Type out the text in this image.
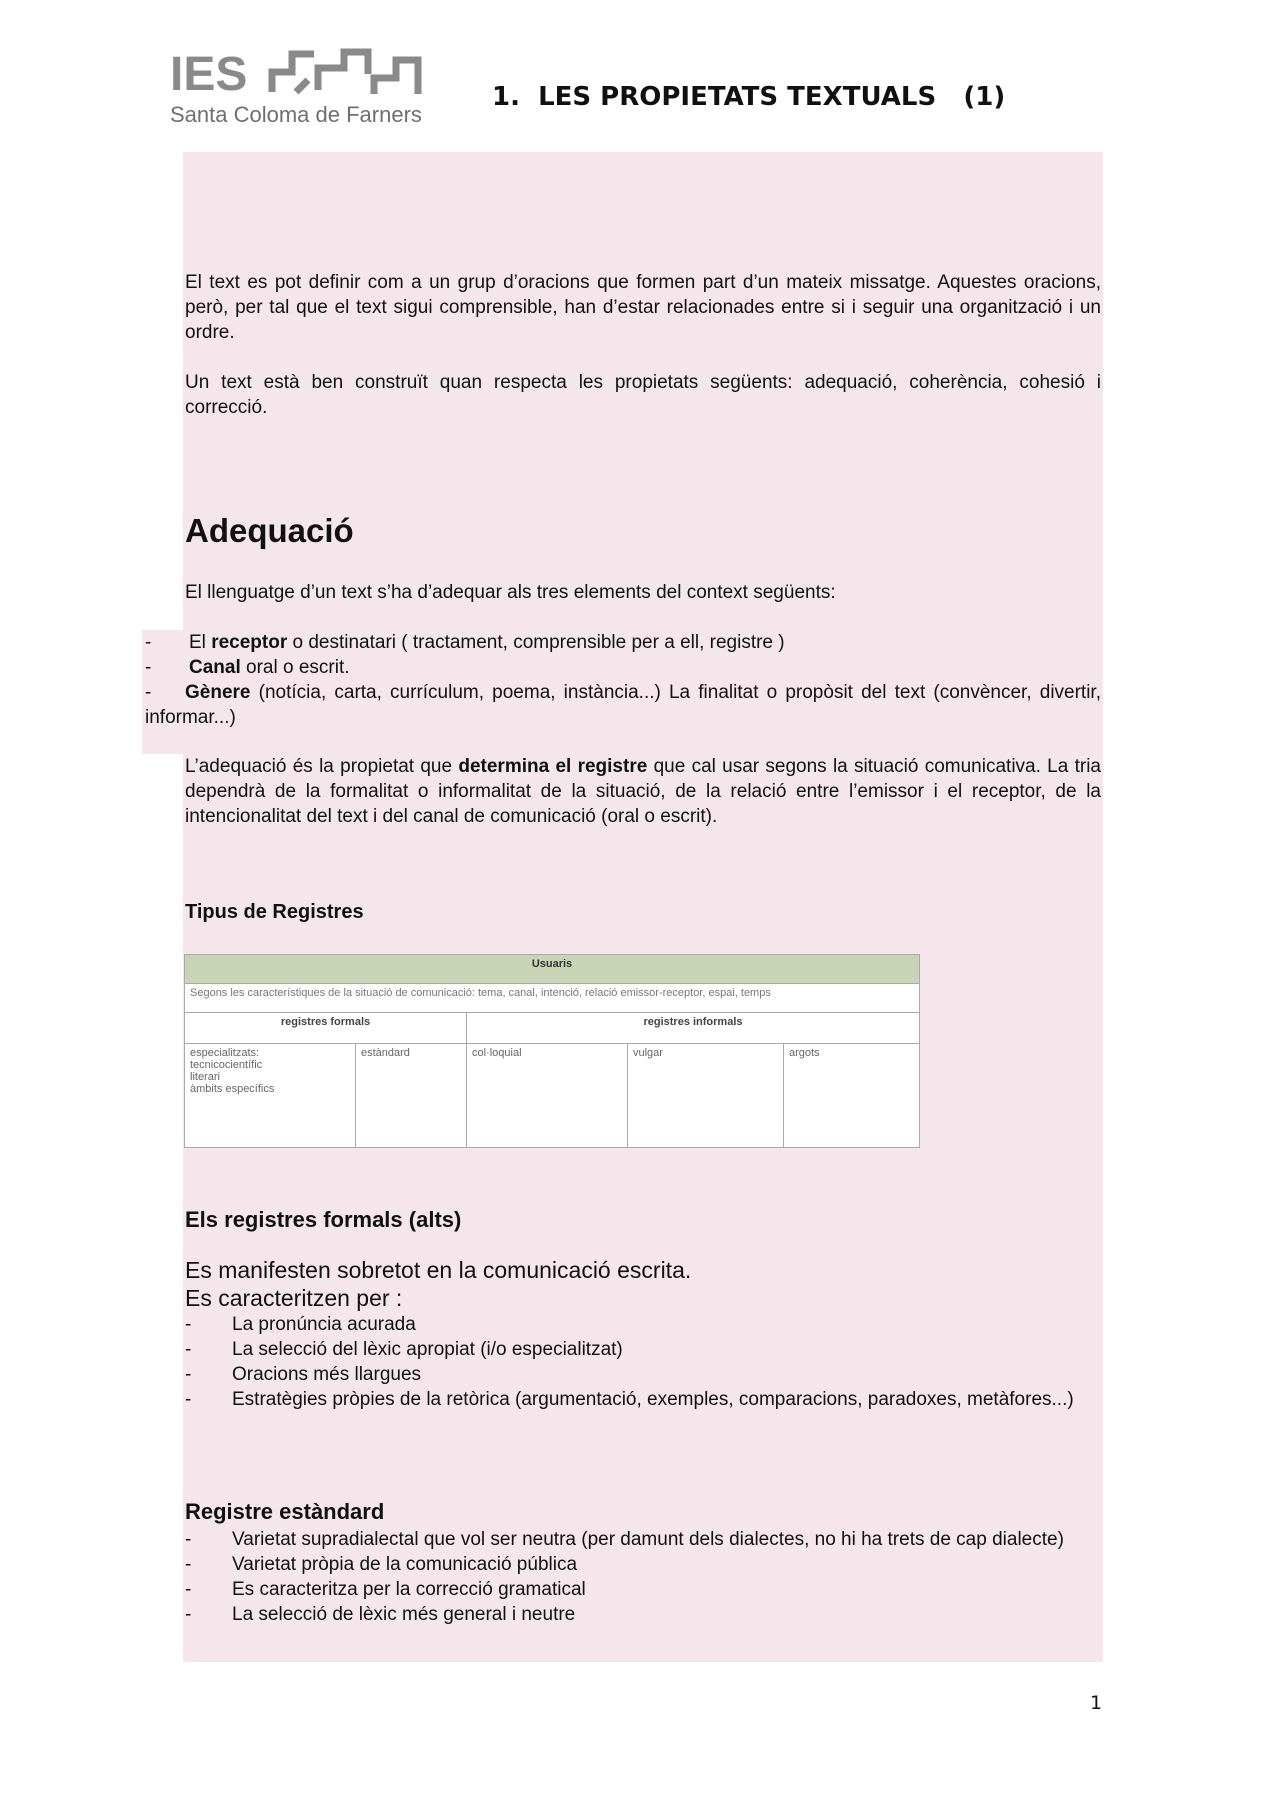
IES
Santa Coloma de Farners
1.  LES PROPIETATS TEXTUALS   (1)

El text es pot definir com a un grup d’oracions que formen part d’un mateix missatge. Aquestes oracions, però, per tal que el text sigui comprensible, han d’estar relacionades entre si i seguir una organització i un ordre.

Un text està ben construït quan respecta les propietats següents: adequació, coherència, cohesió i correcció.

Adequació

El llenguatge d’un text s’ha d’adequar als tres elements del context següents:

- El receptor o destinatari ( tractament, comprensible per a ell, registre )
- Canal oral o escrit.
- Gènere (notícia, carta, currículum, poema, instància...) La finalitat o propòsit del text (convèncer, divertir, informar...)

L’adequació és la propietat que determina el registre que cal usar segons la situació comunicativa. La tria dependrà de la formalitat o informalitat de la situació, de la relació entre l’emissor i el receptor, de la intencionalitat del text i del canal de comunicació (oral o escrit).

Tipus de Registres
Usuaris				
Segons les característiques de la situació de comunicació: tema, canal, intenció, relació emissor-receptor, espai, temps				
registres formals		registres informals		

especialitzats:
tecnicocientífic
literari
àmbits específics	estàndard	col·loquial	vulgar	argots
Els registres formals (alts)

Es manifesten sobretot en la comunicació escrita.

Es caracteritzen per :

- La pronúncia acurada
- La selecció del lèxic apropiat (i/o especialitzat)
- Oracions més llargues
- Estratègies pròpies de la retòrica (argumentació, exemples, comparacions, paradoxes, metàfores...)
Registre estàndard
- Varietat supradialectal que vol ser neutra (per damunt dels dialectes, no hi ha trets de cap dialecte)
- Varietat pròpia de la comunicació pública
- Es caracteritza per la correcció gramatical
- La selecció de lèxic més general i neutre
1
